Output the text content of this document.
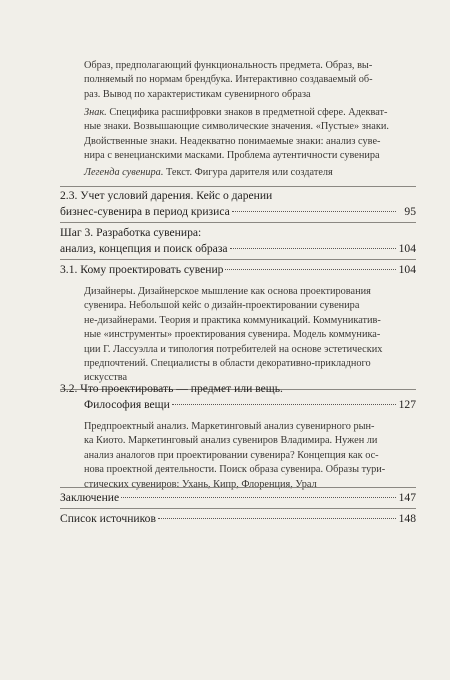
Образ, предполагающий функциональность предмета. Образ, вы-
полняемый по нормам брендбука. Интерактивно создаваемый об-
раз. Вывод по характеристикам сувенирного образа
Знак. Специфика расшифровки знаков в предметной сфере. Адекват-
ные знаки. Возвышающие символические значения. «Пустые» знаки.
Двойственные знаки. Неадекватно понимаемые знаки: анализ суве-
нира с венецианскими масками. Проблема аутентичности сувенира
Легенда сувенира. Текст. Фигура дарителя или создателя
2.3. Учет условий дарения. Кейс о дарении
бизнес-сувенира в период кризиса	95
Шаг 3. Разработка сувенира:
анализ, концепция и поиск образа	104
3.1. Кому проектировать сувенир	104
Дизайнеры. Дизайнерское мышление как основа проектирования
сувенира. Небольшой кейс о дизайн-проектировании сувенира
не-дизайнерами. Теория и практика коммуникаций. Коммуникатив-
ные «инструменты» проектирования сувенира. Модель коммуника-
ции Г. Лассуэлла и типология потребителей на основе эстетических
предпочтений. Специалисты в области декоративно-прикладного
искусства
3.2. Что проектировать — предмет или вещь.
Философия вещи	127
Предпроектный анализ. Маркетинговый анализ сувенирного рын-
ка Киото. Маркетинговый анализ сувениров Владимира. Нужен ли
анализ аналогов при проектировании сувенира? Концепция как ос-
нова проектной деятельности. Поиск образа сувенира. Образы тури-
стических сувениров: Ухань, Кипр, Флоренция, Урал
Заключение	147
Список источников	148
